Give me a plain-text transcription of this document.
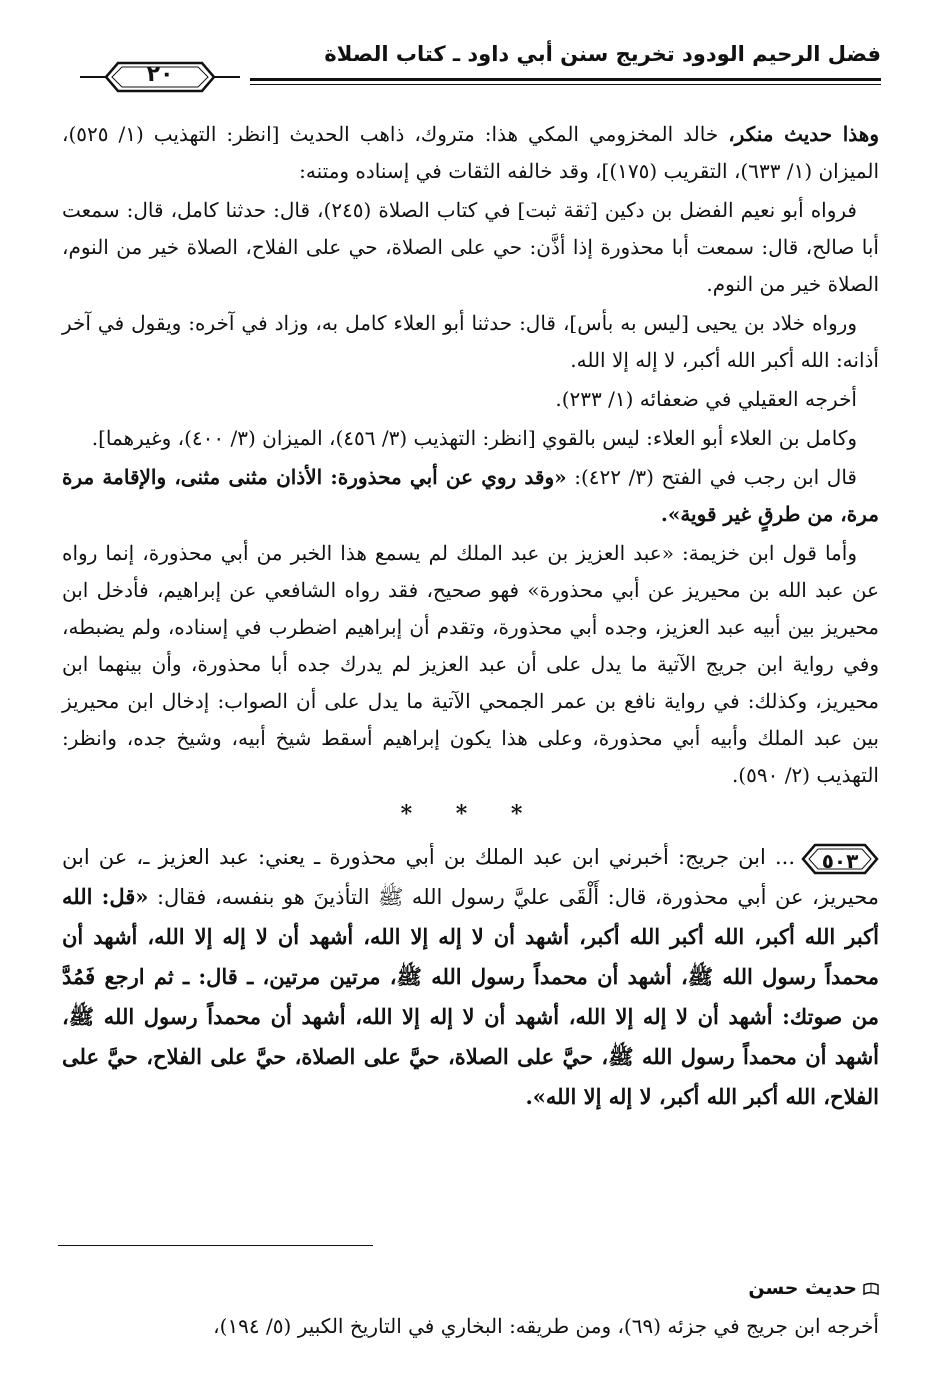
فضل الرحيم الودود تخريج سنن أبي داود ـ كتاب الصلاة
٢٠

وهذا حديث منكر، خالد المخزومي المكي هذا: متروك، ذاهب الحديث [انظر: التهذيب (١/ ٥٢٥)، الميزان (١/ ٦٣٣)، التقريب (١٧٥)]، وقد خالفه الثقات في إسناده ومتنه:

فرواه أبو نعيم الفضل بن دكين [ثقة ثبت] في كتاب الصلاة (٢٤٥)، قال: حدثنا كامل، قال: سمعت أبا صالح، قال: سمعت أبا محذورة إذا أذَّن: حي على الصلاة، حي على الفلاح، الصلاة خير من النوم، الصلاة خير من النوم.

ورواه خلاد بن يحيى [ليس به بأس]، قال: حدثنا أبو العلاء كامل به، وزاد في آخره: ويقول في آخر أذانه: الله أكبر الله أكبر، لا إله إلا الله.

أخرجه العقيلي في ضعفائه (١/ ٢٣٣).

وكامل بن العلاء أبو العلاء: ليس بالقوي [انظر: التهذيب (٣/ ٤٥٦)، الميزان (٣/ ٤٠٠)، وغيرهما].

قال ابن رجب في الفتح (٣/ ٤٢٢): «وقد روي عن أبي محذورة: الأذان مثنى مثنى، والإقامة مرة مرة، من طرقٍ غير قوية».

وأما قول ابن خزيمة: «عبد العزيز بن عبد الملك لم يسمع هذا الخبر من أبي محذورة، إنما رواه عن عبد الله بن محيريز عن أبي محذورة» فهو صحيح، فقد رواه الشافعي عن إبراهيم، فأدخل ابن محيريز بين أبيه عبد العزيز، وجده أبي محذورة، وتقدم أن إبراهيم اضطرب في إسناده، ولم يضبطه، وفي رواية ابن جريج الآتية ما يدل على أن عبد العزيز لم يدرك جده أبا محذورة، وأن بينهما ابن محيريز، وكذلك: في رواية نافع بن عمر الجمحي الآتية ما يدل على أن الصواب: إدخال ابن محيريز بين عبد الملك وأبيه أبي محذورة، وعلى هذا يكون إبراهيم أسقط شيخ أبيه، وشيخ جده، وانظر: التهذيب (٢/ ٥٩٠).

* * *

٥٠٣
... ابن جريج: أخبرني ابن عبد الملك بن أبي محذورة ـ يعني: عبد العزيز ـ، عن ابن محيريز، عن أبي محذورة، قال: أَلْقَى عليَّ رسول الله ﷺ التأذينَ هو بنفسه، فقال: «قل: الله أكبر الله أكبر، الله أكبر الله أكبر، أشهد أن لا إله إلا الله، أشهد أن لا إله إلا الله، أشهد أن محمداً رسول الله ﷺ، أشهد أن محمداً رسول الله ﷺ، مرتين مرتين، ـ قال: ـ ثم ارجع فَمُدَّ من صوتك: أشهد أن لا إله إلا الله، أشهد أن لا إله إلا الله، أشهد أن محمداً رسول الله ﷺ، أشهد أن محمداً رسول الله ﷺ، حيَّ على الصلاة، حيَّ على الصلاة، حيَّ على الفلاح، حيَّ على الفلاح، الله أكبر الله أكبر، لا إله إلا الله».

حديث حسن
أخرجه ابن جريج في جزئه (٦٩)، ومن طريقه: البخاري في التاريخ الكبير (٥/ ١٩٤)،
